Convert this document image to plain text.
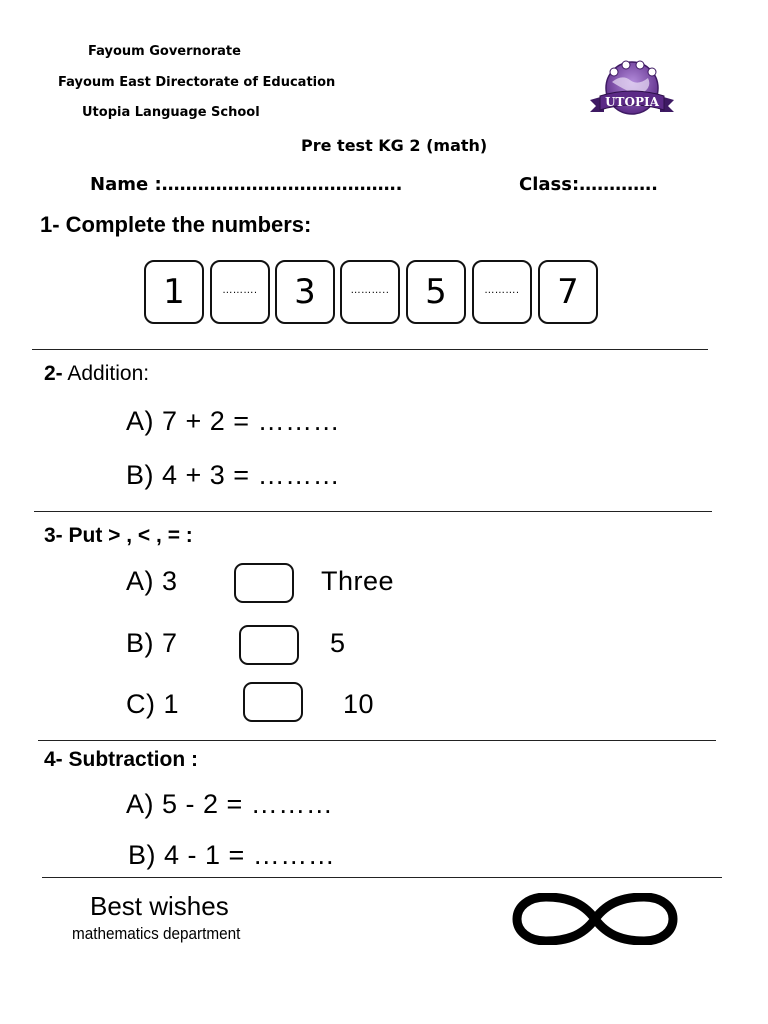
Fayoum Governorate
Fayoum East Directorate of Education
Utopia Language School
UTOPIA
Pre test KG 2 (math)
Name :………………………………….	Class:………….
1- Complete the numbers:
1	……….	3	………..	5	……….	7
2- Addition:
A) 7 + 2 = ………
B) 4 + 3 = ………
3- Put > , < , = :
A) 3	Three
B) 7	5
C) 1	10
4- Subtraction :
A) 5 - 2 = ………
B) 4 - 1 = ………
Best wishes
mathematics department
